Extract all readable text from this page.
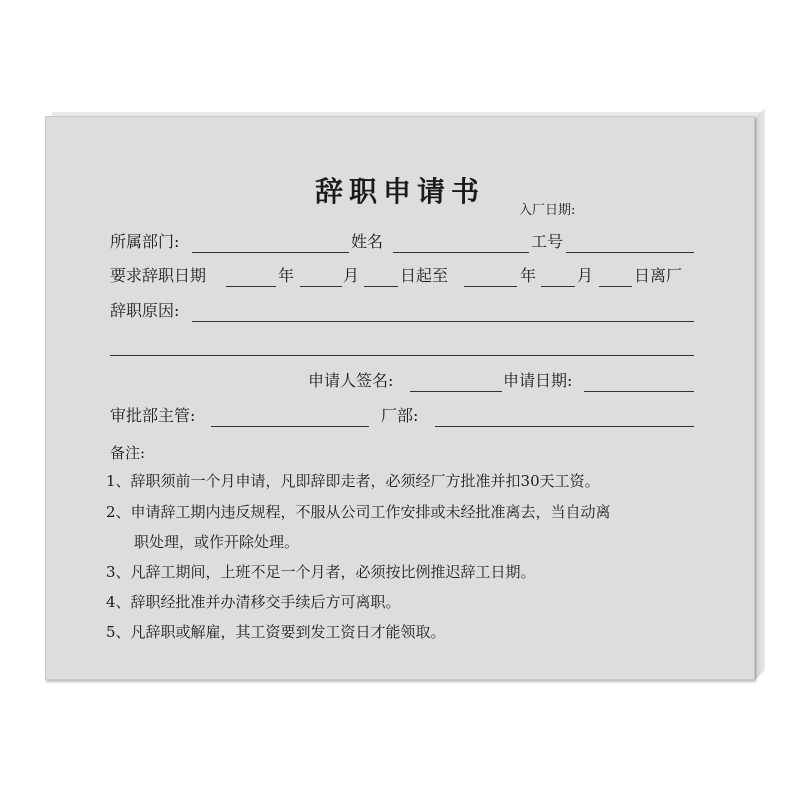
辞职申请书
入厂日期:
所属部门:	姓名	工号
要求辞职日期	年	月	日起至	年	月	日离厂
辞职原因:
申请人签名:	申请日期:
审批部主管:	厂部:
备注:
1、辞职须前一个月申请，凡即辞即走者，必须经厂方批准并扣30天工资。
2、申请辞工期内违反规程，不服从公司工作安排或未经批准离去，当自动离
职处理，或作开除处理。
3、凡辞工期间，上班不足一个月者，必须按比例推迟辞工日期。
4、辞职经批准并办清移交手续后方可离职。
5、凡辞职或解雇，其工资要到发工资日才能领取。
